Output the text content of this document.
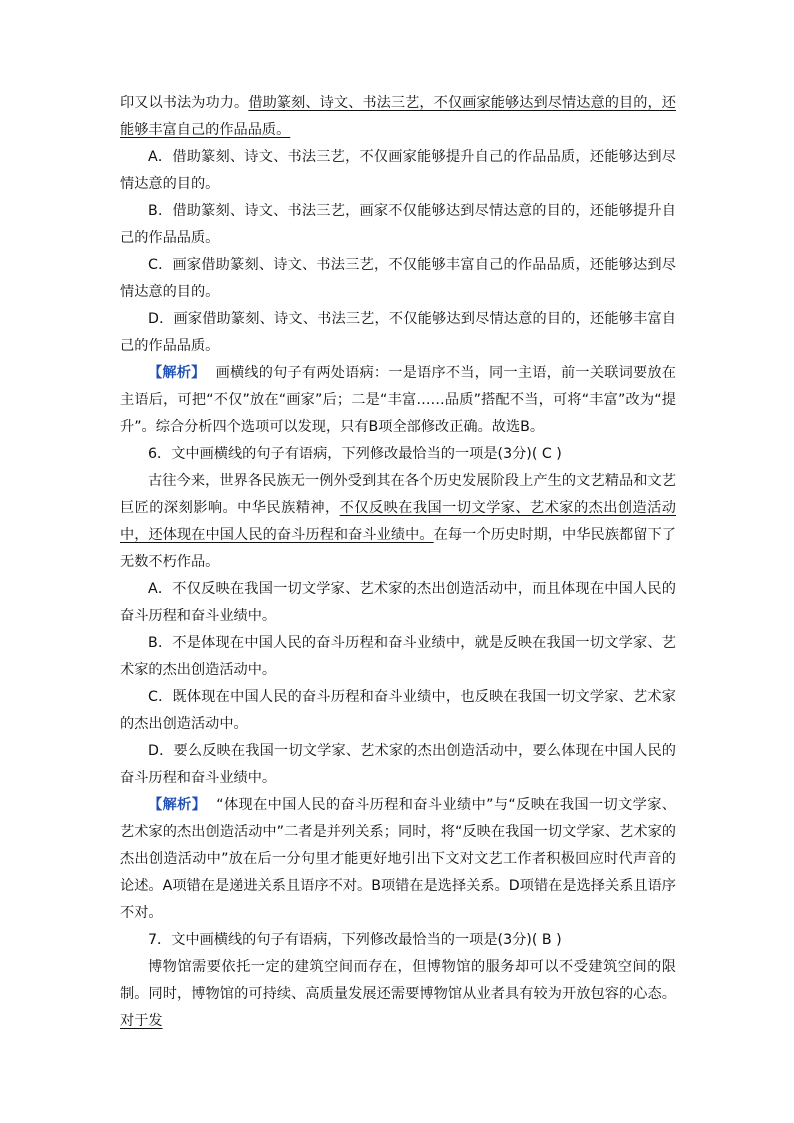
印又以书法为功力。借助篆刻、诗文、书法三艺，不仅画家能够达到尽情达意的目的，还能够丰富自己的作品品质。

A．借助篆刻、诗文、书法三艺，不仅画家能够提升自己的作品品质，还能够达到尽情达意的目的。

B．借助篆刻、诗文、书法三艺，画家不仅能够达到尽情达意的目的，还能够提升自己的作品品质。

C．画家借助篆刻、诗文、书法三艺，不仅能够丰富自己的作品品质，还能够达到尽情达意的目的。

D．画家借助篆刻、诗文、书法三艺，不仅能够达到尽情达意的目的，还能够丰富自己的作品品质。

【解析】 画横线的句子有两处语病：一是语序不当，同一主语，前一关联词要放在主语后，可把“不仅”放在“画家”后；二是“丰富……品质”搭配不当，可将“丰富”改为“提升”。综合分析四个选项可以发现，只有B项全部修改正确。故选B。

6．文中画横线的句子有语病，下列修改最恰当的一项是(3分)( C )

古往今来，世界各民族无一例外受到其在各个历史发展阶段上产生的文艺精品和文艺巨匠的深刻影响。中华民族精神，不仅反映在我国一切文学家、艺术家的杰出创造活动中，还体现在中国人民的奋斗历程和奋斗业绩中。在每一个历史时期，中华民族都留下了无数不朽作品。

A．不仅反映在我国一切文学家、艺术家的杰出创造活动中，而且体现在中国人民的奋斗历程和奋斗业绩中。

B．不是体现在中国人民的奋斗历程和奋斗业绩中，就是反映在我国一切文学家、艺术家的杰出创造活动中。

C．既体现在中国人民的奋斗历程和奋斗业绩中，也反映在我国一切文学家、艺术家的杰出创造活动中。

D．要么反映在我国一切文学家、艺术家的杰出创造活动中，要么体现在中国人民的奋斗历程和奋斗业绩中。

【解析】 “体现在中国人民的奋斗历程和奋斗业绩中”与“反映在我国一切文学家、艺术家的杰出创造活动中”二者是并列关系；同时，将“反映在我国一切文学家、艺术家的杰出创造活动中”放在后一分句里才能更好地引出下文对文艺工作者积极回应时代声音的论述。A项错在是递进关系且语序不对。B项错在是选择关系。D项错在是选择关系且语序不对。

7．文中画横线的句子有语病，下列修改最恰当的一项是(3分)( B )

博物馆需要依托一定的建筑空间而存在，但博物馆的服务却可以不受建筑空间的限制。同时，博物馆的可持续、高质量发展还需要博物馆从业者具有较为开放包容的心态。对于发
